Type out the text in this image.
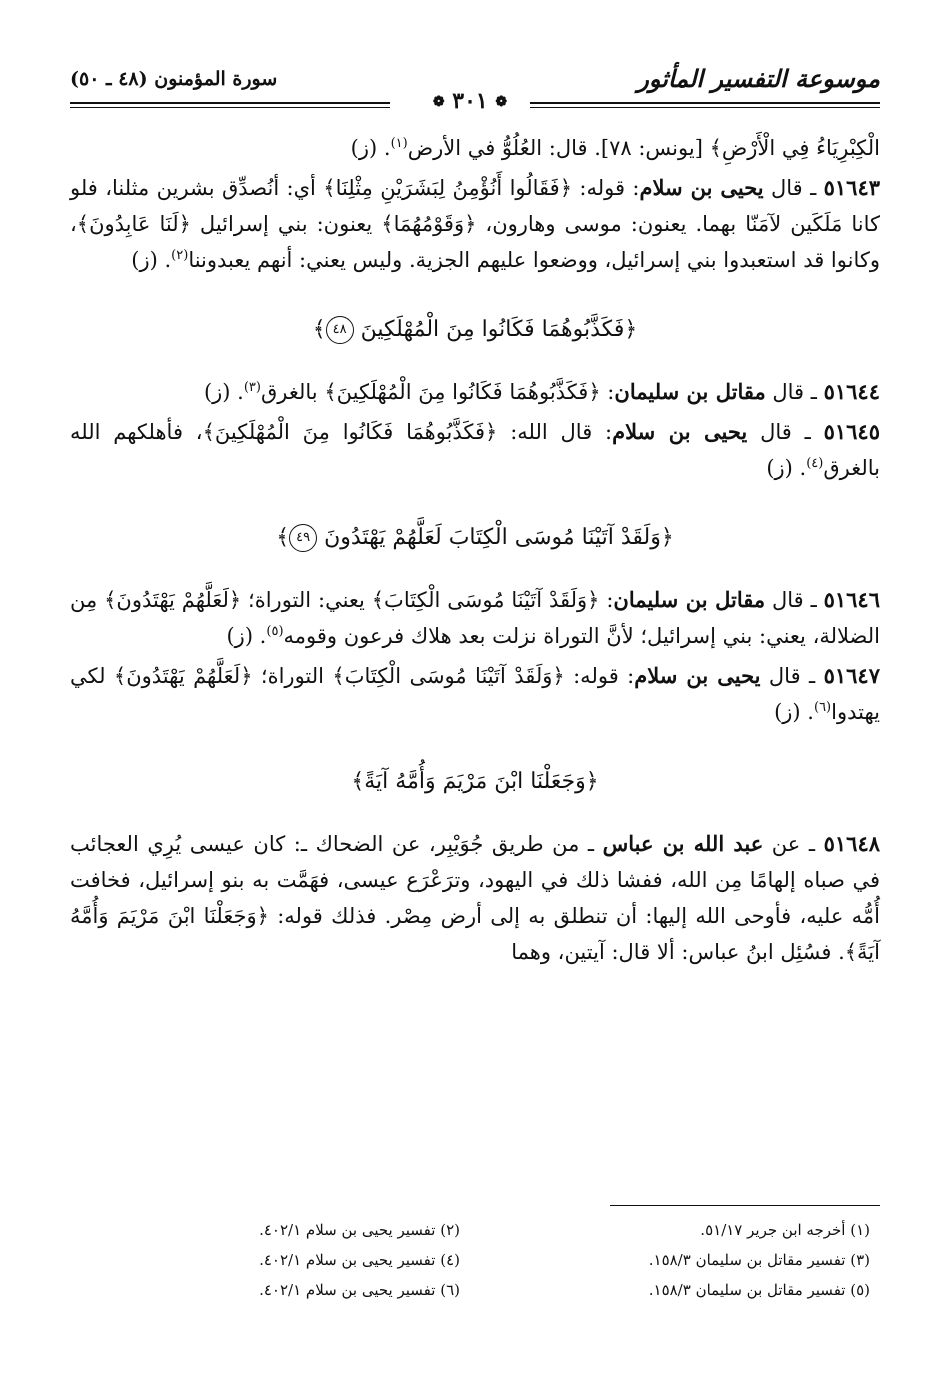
موسوعة التفسير المأثور
سورة المؤمنون (٤٨ ـ ٥٠)
❁ ٣٠١ ❁

الْكِبْرِيَاءُ فِي الْأَرْضِ﴾ [يونس: ٧٨]. قال: العُلُوُّ في الأرض$^{(١)}$. (ز)

٥١٦٤٣ ـ قال يحيى بن سلام: قوله: ﴿فَقَالُوا أَنُؤْمِنُ لِبَشَرَيْنِ مِثْلِنَا﴾ أي: أنُصدِّق بشرين مثلنا، فلو كانا مَلَكَين لآمَنّا بهما. يعنون: موسى وهارون، ﴿وَقَوْمُهُمَا﴾ يعنون: بني إسرائيل ﴿لَنَا عَابِدُونَ﴾، وكانوا قد استعبدوا بني إسرائيل، ووضعوا عليهم الجزية. وليس يعني: أنهم يعبدوننا$^{(٢)}$. (ز)

﴿فَكَذَّبُوهُمَا فَكَانُوا مِنَ الْمُهْلَكِينَ ٤٨﴾

٥١٦٤٤ ـ قال مقاتل بن سليمان: ﴿فَكَذَّبُوهُمَا فَكَانُوا مِنَ الْمُهْلَكِينَ﴾ بالغرق$^{(٣)}$. (ز)

٥١٦٤٥ ـ قال يحيى بن سلام: قال الله: ﴿فَكَذَّبُوهُمَا فَكَانُوا مِنَ الْمُهْلَكِينَ﴾، فأهلكهم الله بالغرق$^{(٤)}$. (ز)

﴿وَلَقَدْ آتَيْنَا مُوسَى الْكِتَابَ لَعَلَّهُمْ يَهْتَدُونَ ٤٩﴾

٥١٦٤٦ ـ قال مقاتل بن سليمان: ﴿وَلَقَدْ آتَيْنَا مُوسَى الْكِتَابَ﴾ يعني: التوراة؛ ﴿لَعَلَّهُمْ يَهْتَدُونَ﴾ مِن الضلالة، يعني: بني إسرائيل؛ لأنَّ التوراة نزلت بعد هلاك فرعون وقومه$^{(٥)}$. (ز)

٥١٦٤٧ ـ قال يحيى بن سلام: قوله: ﴿وَلَقَدْ آتَيْنَا مُوسَى الْكِتَابَ﴾ التوراة؛ ﴿لَعَلَّهُمْ يَهْتَدُونَ﴾ لكي يهتدوا$^{(٦)}$. (ز)

﴿وَجَعَلْنَا ابْنَ مَرْيَمَ وَأُمَّهُ آيَةً﴾

٥١٦٤٨ ـ عن عبد الله بن عباس ـ من طريق جُوَيْبِر، عن الضحاك ـ: كان عيسى يُرِي العجائب في صباه إلهامًا مِن الله، ففشا ذلك في اليهود، وترَعْرَع عيسى، فهَمَّت به بنو إسرائيل، فخافت أُمُّه عليه، فأوحى الله إليها: أن تنطلق به إلى أرض مِصْر. فذلك قوله: ﴿وَجَعَلْنَا ابْنَ مَرْيَمَ وَأُمَّهُ آيَةً﴾. فسُئِل ابنُ عباس: ألا قال: آيتين، وهما

(١) أخرجه ابن جرير ٥١/١٧.
(٣) تفسير مقاتل بن سليمان ١٥٨/٣.
(٥) تفسير مقاتل بن سليمان ١٥٨/٣.
(٢) تفسير يحيى بن سلام ٤٠٢/١.
(٤) تفسير يحيى بن سلام ٤٠٢/١.
(٦) تفسير يحيى بن سلام ٤٠٢/١.
